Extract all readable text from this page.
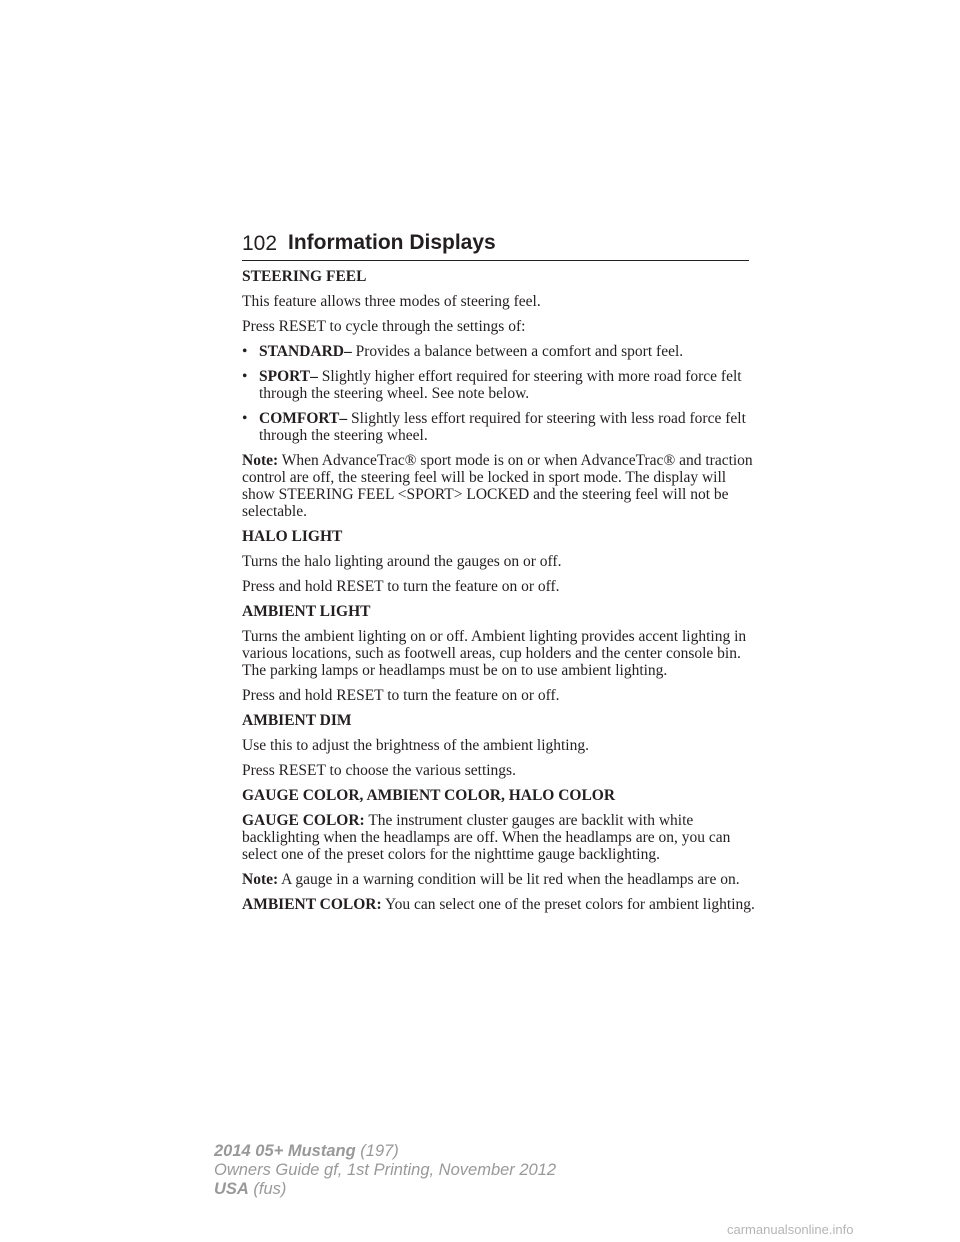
102 Information Displays
STEERING FEEL

This feature allows three modes of steering feel.

Press RESET to cycle through the settings of:

• STANDARD– Provides a balance between a comfort and sport feel.
• SPORT– Slightly higher effort required for steering with more road force felt through the steering wheel. See note below.
• COMFORT– Slightly less effort required for steering with less road force felt through the steering wheel.

Note: When AdvanceTrac® sport mode is on or when AdvanceTrac® and traction control are off, the steering feel will be locked in sport mode. The display will show STEERING FEEL <SPORT> LOCKED and the steering feel will not be selectable.

HALO LIGHT

Turns the halo lighting around the gauges on or off.

Press and hold RESET to turn the feature on or off.

AMBIENT LIGHT

Turns the ambient lighting on or off. Ambient lighting provides accent lighting in various locations, such as footwell areas, cup holders and the center console bin. The parking lamps or headlamps must be on to use ambient lighting.

Press and hold RESET to turn the feature on or off.

AMBIENT DIM

Use this to adjust the brightness of the ambient lighting.

Press RESET to choose the various settings.

GAUGE COLOR, AMBIENT COLOR, HALO COLOR

GAUGE COLOR: The instrument cluster gauges are backlit with white backlighting when the headlamps are off. When the headlamps are on, you can select one of the preset colors for the nighttime gauge backlighting.

Note: A gauge in a warning condition will be lit red when the headlamps are on.

AMBIENT COLOR: You can select one of the preset colors for ambient lighting.

2014 05+ Mustang (197)
Owners Guide gf, 1st Printing, November 2012
USA (fus)
carmanualsonline.info
